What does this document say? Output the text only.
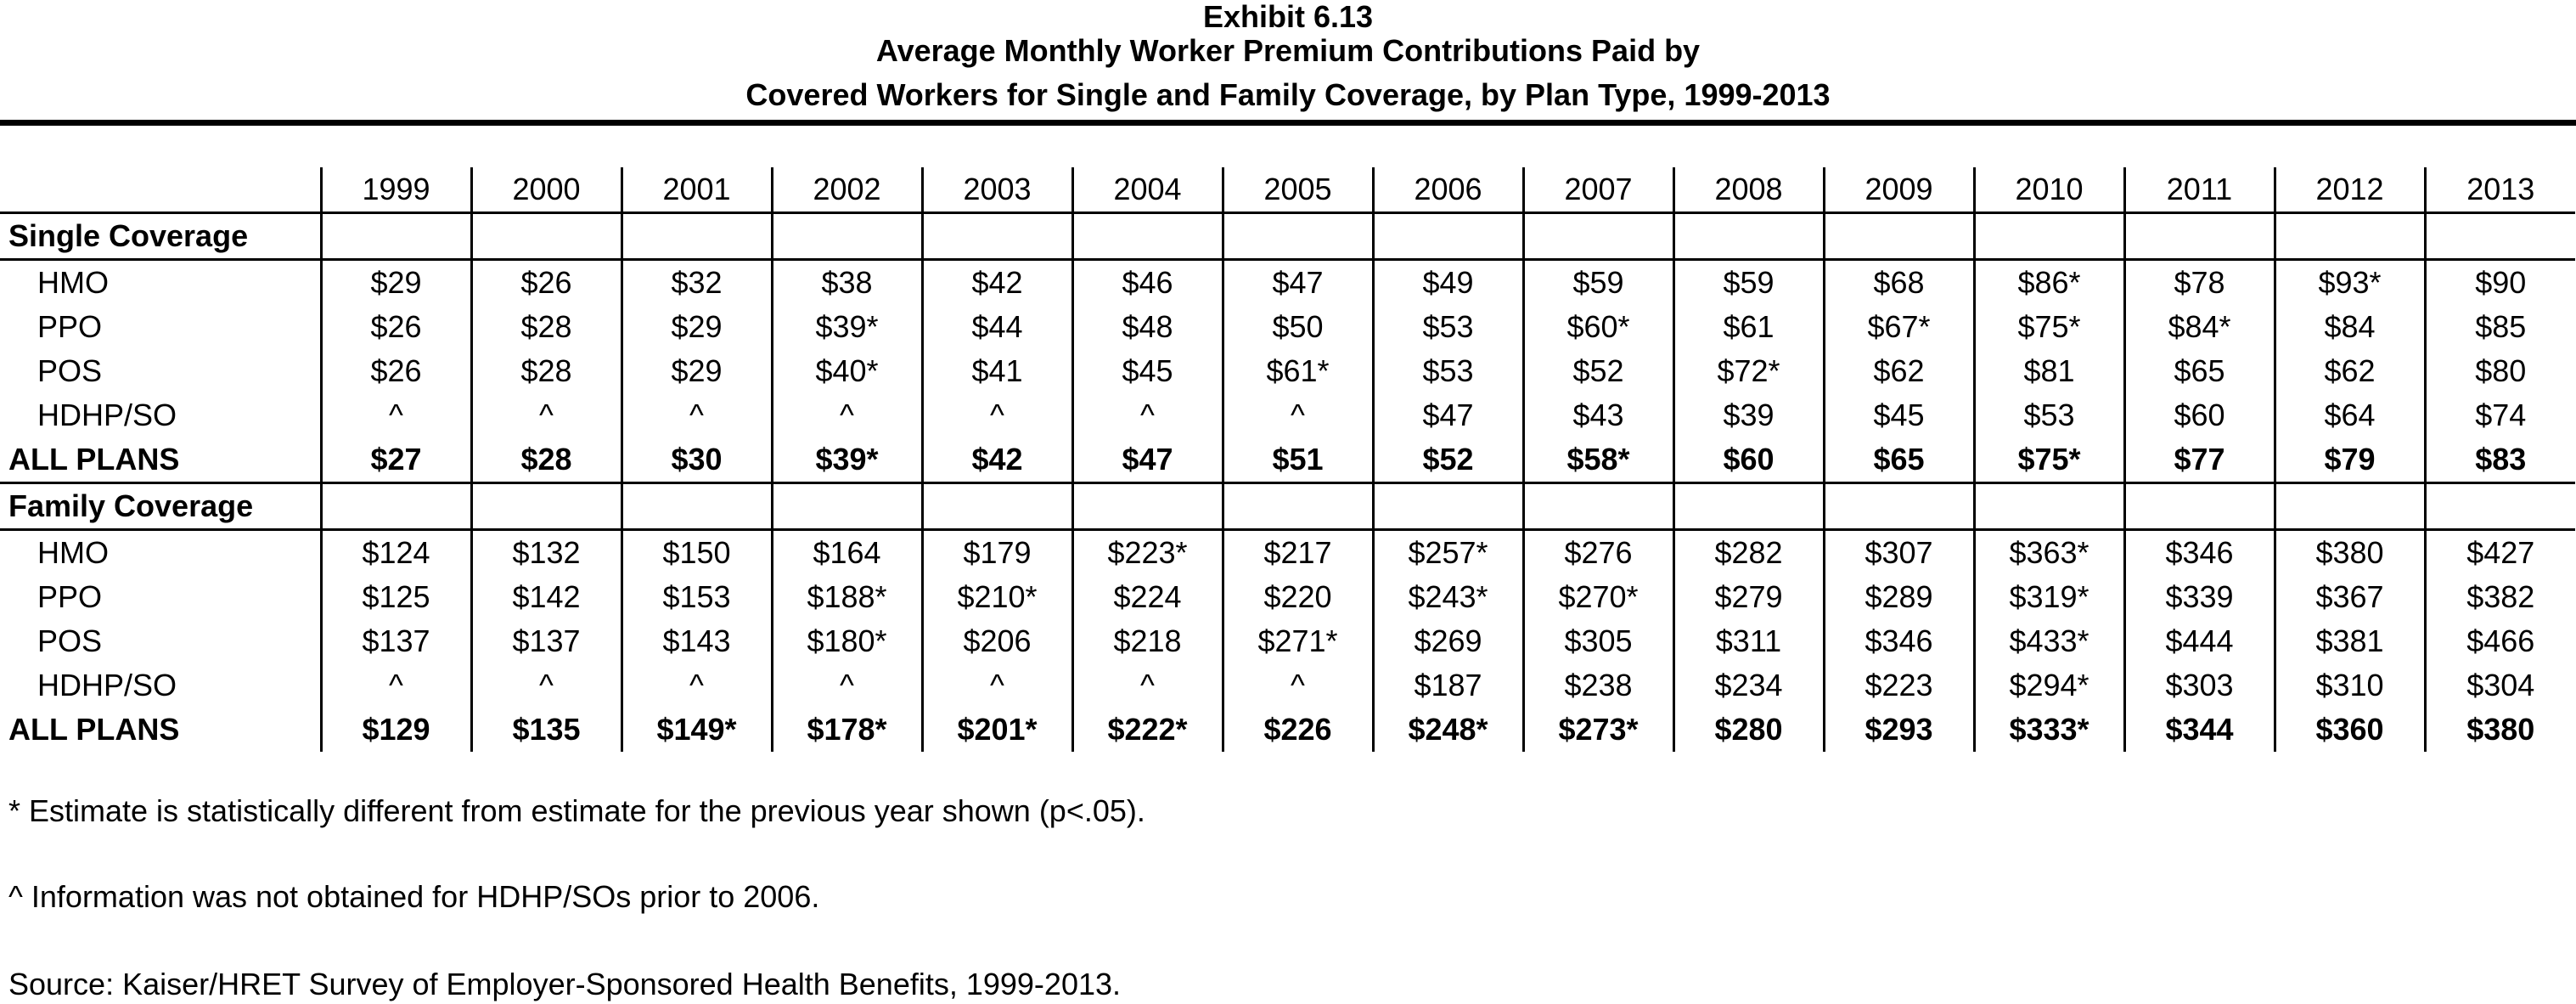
Exhibit 6.13
Average Monthly Worker Premium Contributions Paid by
Covered Workers for Single and Family Coverage, by Plan Type, 1999-2013
	1999	2000	2001	2002	2003	2004	2005	2006	2007	2008	2009	2010	2011	2012	2013
Single Coverage															
HMO	$29	$26	$32	$38	$42	$46	$47	$49	$59	$59	$68	$86*	$78	$93*	$90
PPO	$26	$28	$29	$39*	$44	$48	$50	$53	$60*	$61	$67*	$75*	$84*	$84	$85
POS	$26	$28	$29	$40*	$41	$45	$61*	$53	$52	$72*	$62	$81	$65	$62	$80
HDHP/SO	^	^	^	^	^	^	^	$47	$43	$39	$45	$53	$60	$64	$74
ALL PLANS	$27	$28	$30	$39*	$42	$47	$51	$52	$58*	$60	$65	$75*	$77	$79	$83
Family Coverage															
HMO	$124	$132	$150	$164	$179	$223*	$217	$257*	$276	$282	$307	$363*	$346	$380	$427
PPO	$125	$142	$153	$188*	$210*	$224	$220	$243*	$270*	$279	$289	$319*	$339	$367	$382
POS	$137	$137	$143	$180*	$206	$218	$271*	$269	$305	$311	$346	$433*	$444	$381	$466
HDHP/SO	^	^	^	^	^	^	^	$187	$238	$234	$223	$294*	$303	$310	$304
ALL PLANS	$129	$135	$149*	$178*	$201*	$222*	$226	$248*	$273*	$280	$293	$333*	$344	$360	$380
* Estimate is statistically different from estimate for the previous year shown (p<.05).
^ Information was not obtained for HDHP/SOs prior to 2006.
Source: Kaiser/HRET Survey of Employer-Sponsored Health Benefits, 1999-2013.
